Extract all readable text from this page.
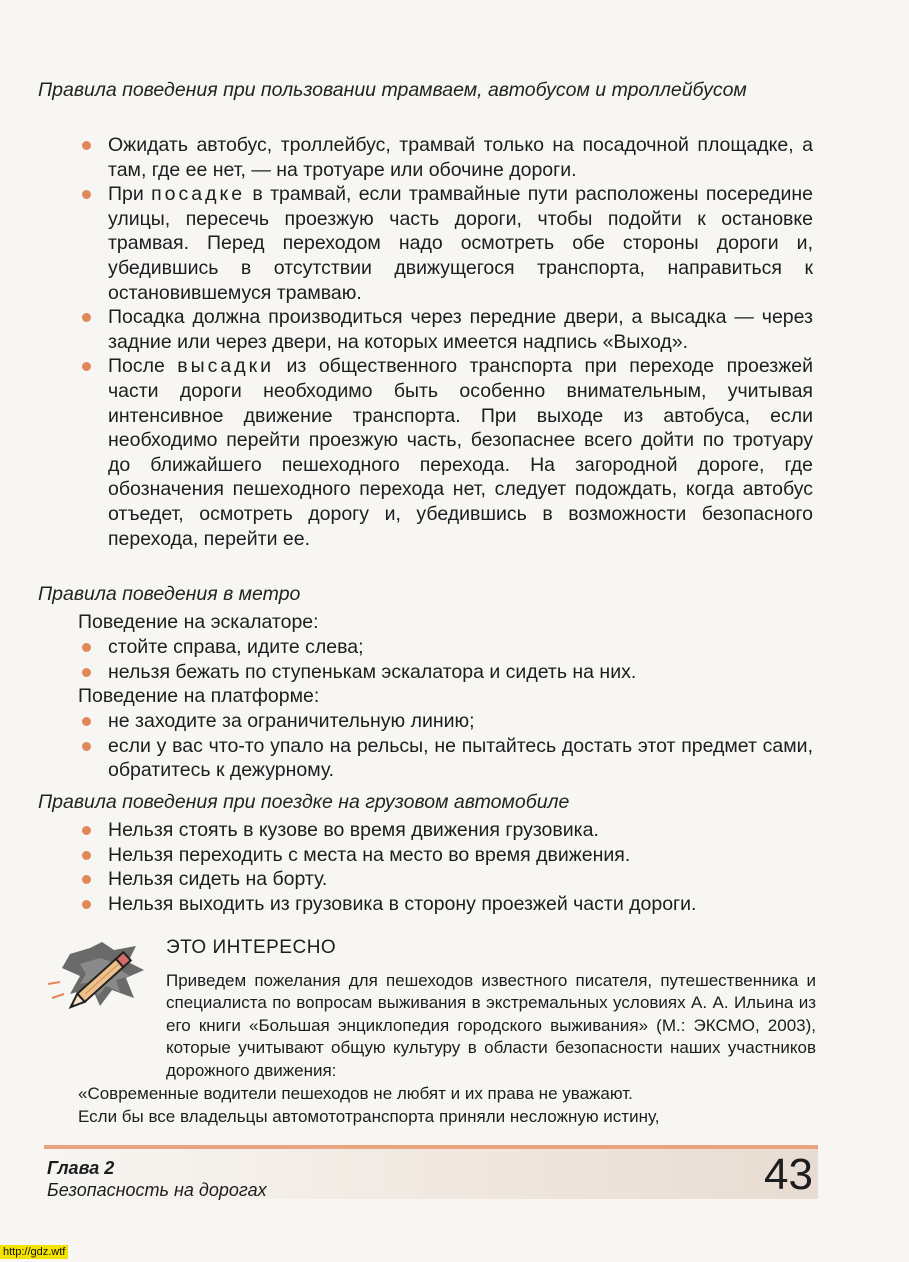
Правила поведения при пользовании трамваем, автобусом и троллейбусом
Ожидать автобус, троллейбус, трамвай только на посадочной площадке, а там, где ее нет, — на тротуаре или обочине дороги.
При посадке в трамвай, если трамвайные пути расположены посередине улицы, пересечь проезжую часть дороги, чтобы подойти к остановке трамвая. Перед переходом надо осмотреть обе стороны дороги и, убедившись в отсутствии движущегося транспорта, направиться к остановившемуся трамваю.
Посадка должна производиться через передние двери, а высадка — через задние или через двери, на которых имеется надпись «Выход».
После высадки из общественного транспорта при переходе проезжей части дороги необходимо быть особенно внимательным, учитывая интенсивное движение транспорта. При выходе из автобуса, если необходимо перейти проезжую часть, безопаснее всего дойти по тротуару до ближайшего пешеходного перехода. На загородной дороге, где обозначения пешеходного перехода нет, следует подождать, когда автобус отъедет, осмотреть дорогу и, убедившись в возможности безопасного перехода, перейти ее.
Правила поведения в метро
Поведение на эскалаторе:
стойте справа, идите слева;
нельзя бежать по ступенькам эскалатора и сидеть на них.
Поведение на платформе:
не заходите за ограничительную линию;
если у вас что-то упало на рельсы, не пытайтесь достать этот предмет сами, обратитесь к дежурному.
Правила поведения при поездке на грузовом автомобиле
Нельзя стоять в кузове во время движения грузовика.
Нельзя переходить с места на место во время движения.
Нельзя сидеть на борту.
Нельзя выходить из грузовика в сторону проезжей части дороги.
ЭТО ИНТЕРЕСНО
Приведем пожелания для пешеходов известного писателя, путешественника и специалиста по вопросам выживания в экстремальных условиях А. А. Ильина из его книги «Большая энциклопедия городского выживания» (М.: ЭКСМО, 2003), которые учитывают общую культуру в области безопасности наших участников дорожного движения:
«Современные водители пешеходов не любят и их права не уважают.
Если бы все владельцы автомототранспорта приняли несложную истину,
Глава 2
Безопасность на дорогах	43
http://gdz.wtf
